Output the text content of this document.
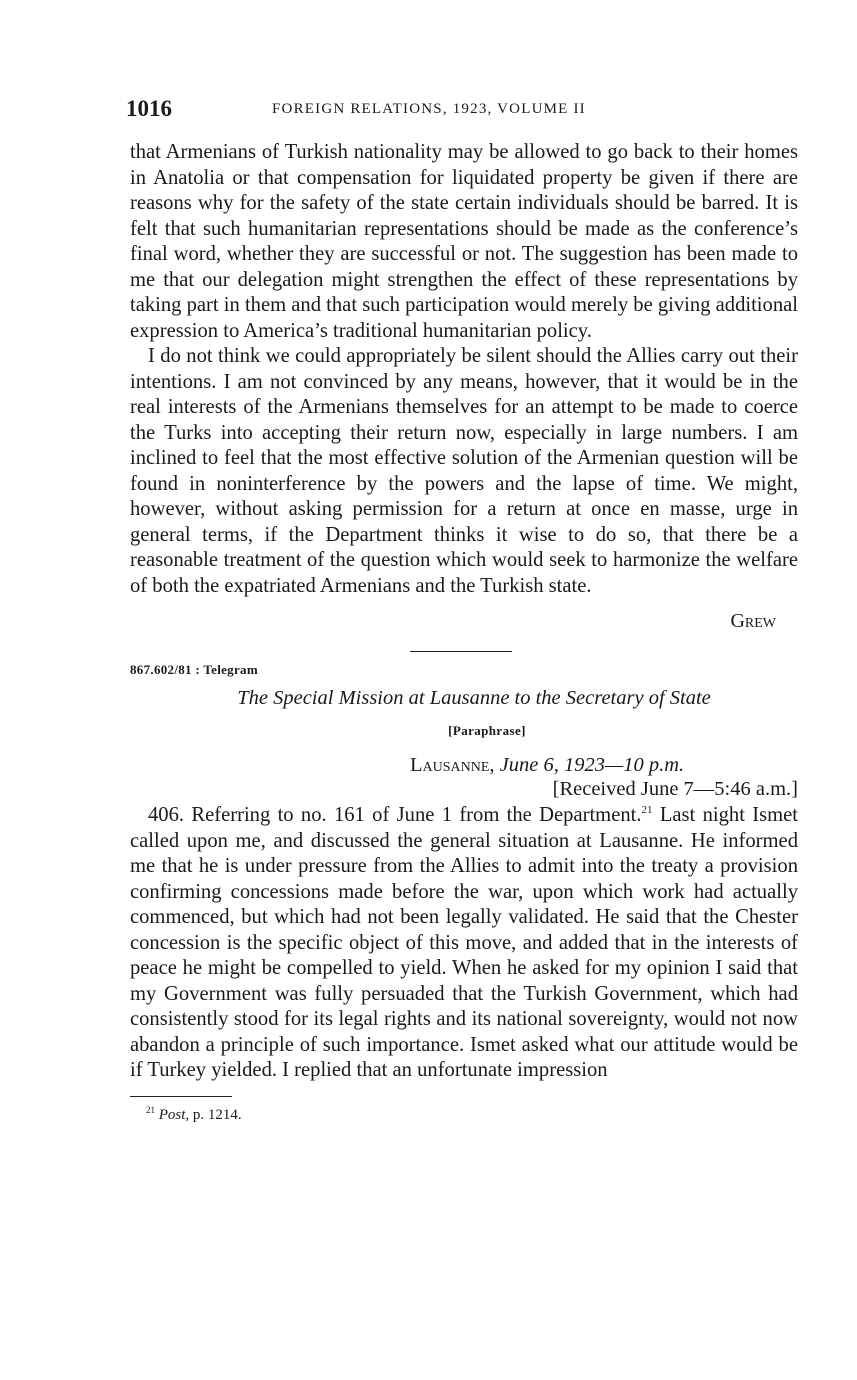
1016	FOREIGN RELATIONS, 1923, VOLUME II

that Armenians of Turkish nationality may be allowed to go back to their homes in Anatolia or that compensation for liquidated property be given if there are reasons why for the safety of the state certain individuals should be barred. It is felt that such humanitarian representations should be made as the conference’s final word, whether they are successful or not. The suggestion has been made to me that our delegation might strengthen the effect of these representations by taking part in them and that such participation would merely be giving additional expression to America’s traditional humanitarian policy.

I do not think we could appropriately be silent should the Allies carry out their intentions. I am not convinced by any means, however, that it would be in the real interests of the Armenians themselves for an attempt to be made to coerce the Turks into accepting their return now, especially in large numbers. I am inclined to feel that the most effective solution of the Armenian question will be found in noninterference by the powers and the lapse of time. We might, however, without asking permission for a return at once en masse, urge in general terms, if the Department thinks it wise to do so, that there be a reasonable treatment of the question which would seek to harmonize the welfare of both the expatriated Armenians and the Turkish state.

Grew
867.602/81 : Telegram
The Special Mission at Lausanne to the Secretary of State
[Paraphrase]
Lausanne, June 6, 1923—10 p.m.
[Received June 7—5:46 a.m.]

406. Referring to no. 161 of June 1 from the Department.$^{21}$ Last night Ismet called upon me, and discussed the general situation at Lausanne. He informed me that he is under pressure from the Allies to admit into the treaty a provision confirming concessions made before the war, upon which work had actually commenced, but which had not been legally validated. He said that the Chester concession is the specific object of this move, and added that in the interests of peace he might be compelled to yield. When he asked for my opinion I said that my Government was fully persuaded that the Turkish Government, which had consistently stood for its legal rights and its national sovereignty, would not now abandon a principle of such importance. Ismet asked what our attitude would be if Turkey yielded. I replied that an unfortunate impression

$^{21}$ Post, p. 1214.
